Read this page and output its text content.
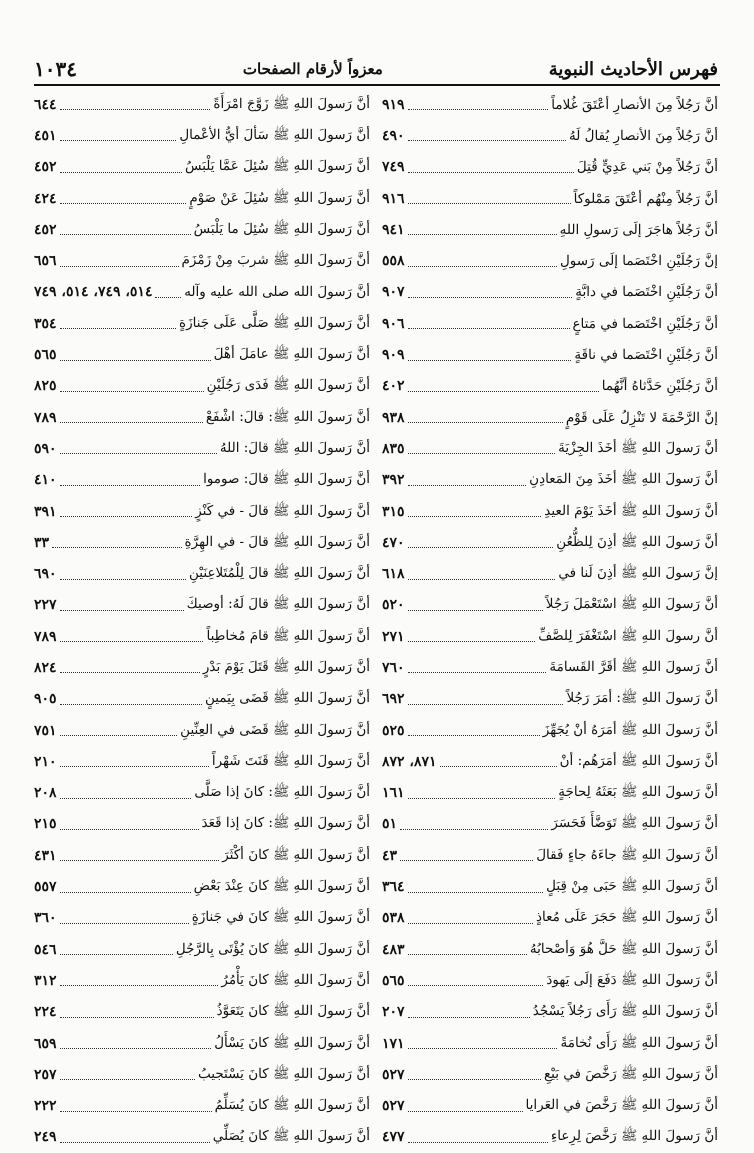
١٠٣٤	معزواً لأرقام الصفحات	فهرس الأحاديث النبوية
أنَّ رَجُلاً مِنَ الأنصارِ أعْتَقَ غُلاماً
٩١٩
أنَّ رَجُلاً مِنَ الأنصارِ يُقالُ لَهُ
٤٩٠
أنَّ رَجُلاً مِنْ بَني عَدِيٍّ قُتِلَ
٧٤٩
أنَّ رَجُلاً مِنْهُم أعْتَقَ مَمْلوكاً
٩١٦
أنَّ رَجُلاً هاجَرَ إلَى رَسولِ اللهِ
٩٤١
إنَّ رَجُلَيْنِ اخْتَصَما إلَى رَسولِ
٥٥٨
أنَّ رَجُلَيْنِ اخْتَصَما في دابَّةٍ
٩٠٧
أنَّ رَجُلَيْنِ اخْتَصَما في مَتاعٍ
٩٠٦
أنَّ رَجُلَيْنِ اخْتَصَما في ناقَةٍ
٩٠٩
أنَّ رَجُلَيْنِ حَدَّثاهُ أنَّهُما
٤٠٢
إنَّ الرَّحْمَةَ لا تَنْزِلُ عَلَى قَوْمٍ
٩٣٨
أنَّ رَسولَ اللهِ ﷺ أخَذَ الجِزْيَةَ
٨٣٥
أنَّ رَسولَ اللهِ ﷺ أخَذَ مِنَ المَعادِنِ
٣٩٢
أنَّ رَسولَ اللهِ ﷺ أخَذَ يَوْمَ العيدِ
٣١٥
أنَّ رَسولَ اللهِ ﷺ أذِنَ لِلظُّعُنِ
٤٧٠
إنَّ رَسولَ اللهِ ﷺ أذِنَ لَنا في
٦١٨
أنَّ رَسولَ اللهِ ﷺ اسْتَعْمَلَ رَجُلاً
٥٢٠
أنَّ رسولَ اللهِ ﷺ اسْتَغْفَرَ لِلصَّفِّ
٢٧١
أنَّ رَسولَ اللهِ ﷺ أقَرَّ القَسامَةَ
٧٦٠
أنَّ رَسولَ اللهِ ﷺ: أمَرَ رَجُلاً
٦٩٢
أنَّ رَسولَ اللهِ ﷺ أمَرَهُ أنْ يُجَهِّزَ
٥٢٥
أنَّ رَسولَ اللهِ ﷺ أمَرَهُم: أنْ
٨٧١، ٨٧٢
أنَّ رَسولَ اللهِ ﷺ بَعَثَهُ لِحاجَةٍ
١٦١
أنَّ رَسولَ اللهِ ﷺ تَوَضَّأَ فَحَسَرَ
٥١
أنَّ رَسولَ اللهِ ﷺ جاءَهُ جاءٍ فَقالَ
٤٣
أنَّ رَسولَ اللهِ ﷺ حَبَى مِنْ قِبَلٍ
٣٦٤
أنَّ رَسولَ اللهِ ﷺ حَجَرَ عَلَى مُعاذٍ
٥٣٨
أنَّ رَسولَ اللهِ ﷺ حَلَّ هُوَ وَأصْحابُهُ
٤٨٣
أنَّ رَسولَ اللهِ ﷺ دَفَعَ إلَى يَهودَ
٥٦٥
أنَّ رَسولَ اللهِ ﷺ رَأَى رَجُلاً يَسْجُدُ
٢٠٧
أنَّ رَسولَ اللهِ ﷺ رَأَى نُخامَةً
١٧١
أنَّ رَسولَ اللهِ ﷺ رَخَّصَ في بَيْعِ
٥٢٧
أنَّ رَسولَ اللهِ ﷺ رَخَّصَ في العَرايا
٥٢٧
أنَّ رَسولَ اللهِ ﷺ رَخَّصَ لِرِعاءِ
٤٧٧
أنَّ رَسولَ اللهِ ﷺ زَوَّجَ امْرَأَةً
٦٤٤
أنَّ رَسولَ اللهِ ﷺ سَألَ أيُّ الأعْمالِ
٤٥١
أنَّ رَسولَ اللهِ ﷺ سُئِلَ عَمَّا يَلْبَسُ
٤٥٢
أنَّ رَسولَ اللهِ ﷺ سُئِلَ عَنْ صَوْمٍ
٤٢٤
أنَّ رَسولَ اللهِ ﷺ سُئِلَ ما يَلْبَسُ
٤٥٢
أنَّ رَسولَ اللهِ ﷺ شربَ مِنْ زَمْزَمَ
٦٥٦
أنَّ رَسولَ الله صلى الله عليه وآله
٥١٤، ٧٤٩، ٥١٤، ٧٤٩
أنَّ رَسولَ اللهِ ﷺ صَلَّى عَلَى جَنازَةٍ
٣٥٤
أنَّ رَسولَ اللهِ ﷺ عامَلَ أهْلَ
٥٦٥
أنَّ رَسولَ اللهِ ﷺ فَدَى رَجُلَيْنِ
٨٢٥
أنَّ رَسولَ اللهِ ﷺ: قالَ: اشْفَعْ
٧٨٩
أنَّ رَسولَ اللهِ ﷺ قالَ: اللهُ
٥٩٠
أنَّ رَسولَ اللهِ ﷺ قالَ: صوموا
٤١٠
أنَّ رَسولَ اللهِ ﷺ قالَ - في كَنْزٍ
٣٩١
أنَّ رَسولَ اللهِ ﷺ قالَ - في الهِرَّةِ
٣٣
أنَّ رَسولَ اللهِ ﷺ قالَ لِلْمُتَلاعِنَيْنِ
٦٩٠
أنَّ رَسولَ اللهِ ﷺ قالَ لَهُ: أوصيكَ
٢٢٧
أنَّ رَسولَ اللهِ ﷺ قامَ مُخاطِباً
٧٨٩
أنَّ رَسولَ اللهِ ﷺ قَتَلَ يَوْمَ بَدْرٍ
٨٢٤
أنَّ رَسولَ اللهِ ﷺ قَضَى بِيَمينٍ
٩٠٥
أنَّ رَسولَ اللهِ ﷺ قَضَى في العِنِّينِ
٧٥١
أنَّ رَسولَ اللهِ ﷺ قَنَتَ شَهْراً
٢١٠
أنَّ رَسولَ اللهِ ﷺ: كانَ إذا صَلَّى
٢٠٨
أنَّ رَسولَ اللهِ ﷺ: كانَ إذا قَعَدَ
٢١٥
أنَّ رَسولَ اللهِ ﷺ كانَ أكْثَرَ
٤٣١
أنَّ رَسولَ اللهِ ﷺ كانَ عِنْدَ بَعْضِ
٥٥٧
أنَّ رَسولَ اللهِ ﷺ كانَ في جَنازَةٍ
٣٦٠
أنَّ رَسولَ اللهِ ﷺ كانَ يُؤْتَى بِالرَّجُلِ
٥٤٦
أنَّ رَسولَ اللهِ ﷺ كانَ يَأْمُرُ
٣١٢
أنَّ رَسولَ اللهِ ﷺ كانَ يَتَعَوَّذُ
٢٢٤
أنَّ رَسولَ اللهِ ﷺ كانَ يَسْأَلُ
٦٥٩
أنَّ رَسولَ اللهِ ﷺ كانَ يَسْتَجيبُ
٢٥٧
أنَّ رَسولَ اللهِ ﷺ كانَ يُسَلِّمُ
٢٢٢
أنَّ رَسولَ اللهِ ﷺ كانَ يُصَلِّي
٢٤٩
